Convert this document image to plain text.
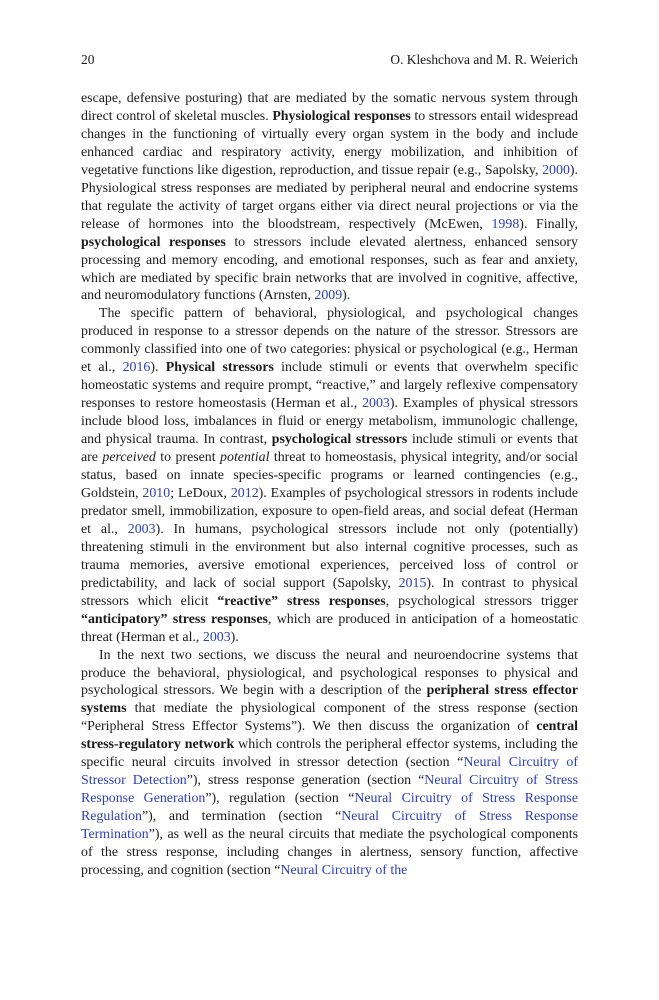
20	O. Kleshchova and M. R. Weierich

escape, defensive posturing) that are mediated by the somatic nervous system through direct control of skeletal muscles. Physiological responses to stressors entail widespread changes in the functioning of virtually every organ system in the body and include enhanced cardiac and respiratory activity, energy mobilization, and inhibition of vegetative functions like digestion, reproduction, and tissue repair (e.g., Sapolsky, 2000). Physiological stress responses are mediated by peripheral neural and endocrine systems that regulate the activity of target organs either via direct neural projections or via the release of hormones into the bloodstream, respectively (McEwen, 1998). Finally, psychological responses to stressors include elevated alertness, enhanced sensory processing and memory encoding, and emotional responses, such as fear and anxiety, which are mediated by specific brain networks that are involved in cognitive, affective, and neuromodulatory functions (Arnsten, 2009).

The specific pattern of behavioral, physiological, and psychological changes produced in response to a stressor depends on the nature of the stressor. Stressors are commonly classified into one of two categories: physical or psychological (e.g., Herman et al., 2016). Physical stressors include stimuli or events that overwhelm specific homeostatic systems and require prompt, “reactive,” and largely reflexive compensatory responses to restore homeostasis (Herman et al., 2003). Examples of physical stressors include blood loss, imbalances in fluid or energy metabolism, immunologic challenge, and physical trauma. In contrast, psychological stressors include stimuli or events that are perceived to present potential threat to homeostasis, physical integrity, and/or social status, based on innate species-specific programs or learned contingencies (e.g., Goldstein, 2010; LeDoux, 2012). Examples of psychological stressors in rodents include predator smell, immobilization, exposure to open-field areas, and social defeat (Herman et al., 2003). In humans, psychological stressors include not only (potentially) threatening stimuli in the environment but also internal cognitive processes, such as trauma memories, aversive emotional experiences, perceived loss of control or predictability, and lack of social support (Sapolsky, 2015). In contrast to physical stressors which elicit “reactive” stress responses, psychological stressors trigger “anticipatory” stress responses, which are produced in anticipation of a homeostatic threat (Herman et al., 2003).

In the next two sections, we discuss the neural and neuroendocrine systems that produce the behavioral, physiological, and psychological responses to physical and psychological stressors. We begin with a description of the peripheral stress effector systems that mediate the physiological component of the stress response (section “Peripheral Stress Effector Systems”). We then discuss the organization of central stress-regulatory network which controls the peripheral effector systems, including the specific neural circuits involved in stressor detection (section “Neural Circuitry of Stressor Detection”), stress response generation (section “Neural Circuitry of Stress Response Generation”), regulation (section “Neural Circuitry of Stress Response Regulation”), and termination (section “Neural Circuitry of Stress Response Termination”), as well as the neural circuits that mediate the psychological components of the stress response, including changes in alertness, sensory function, affective processing, and cognition (section “Neural Circuitry of the
